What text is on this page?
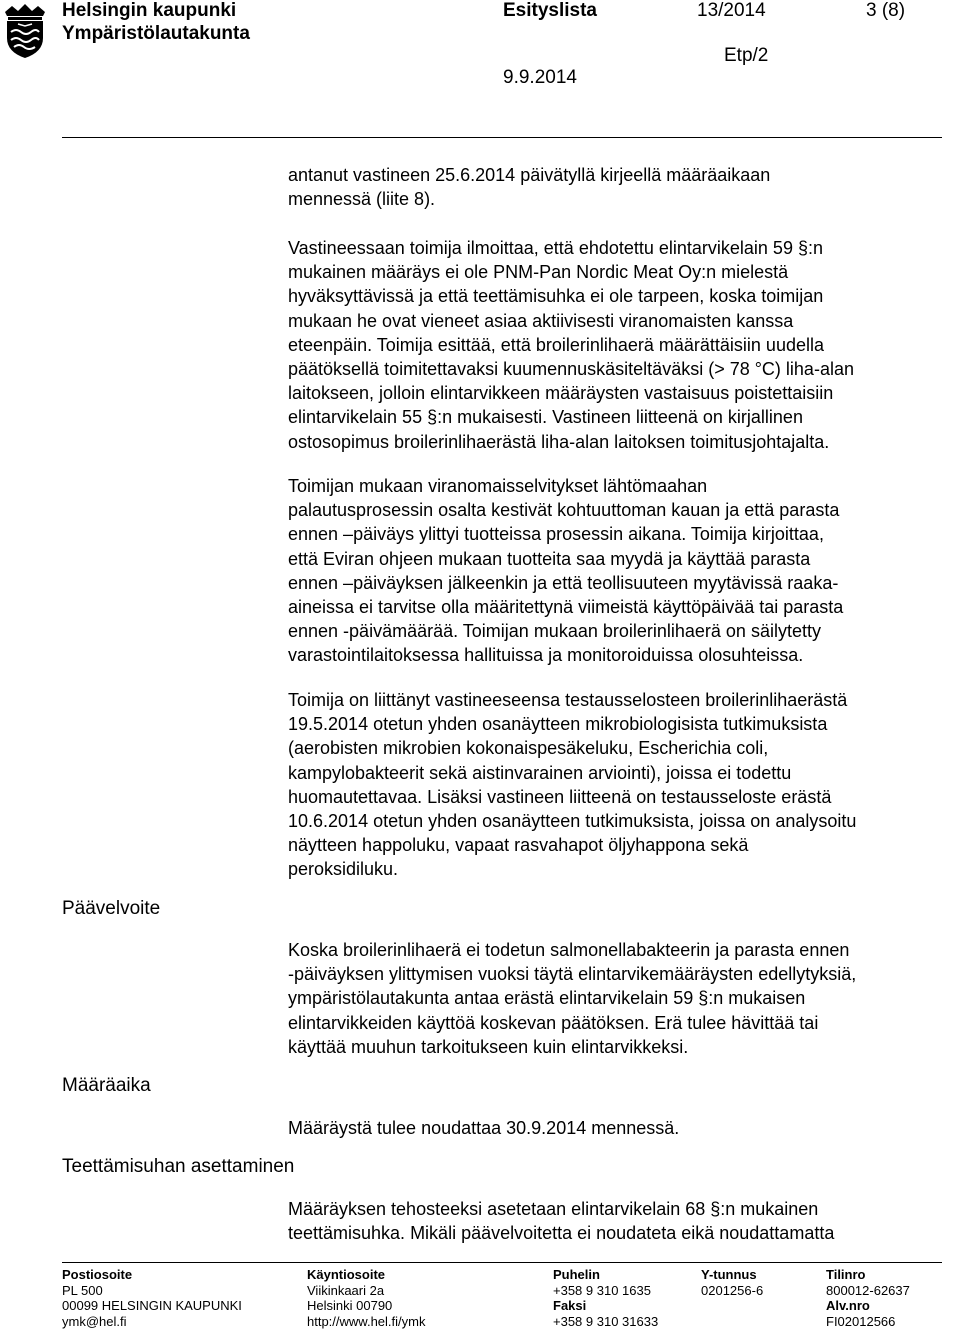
Helsingin kaupunki
Ympäristölautakunta
Esityslista	13/2014	3 (8)
Etp/2
9.9.2014
antanut vastineen 25.6.2014 päivätyllä kirjeellä määräaikaan
mennessä (liite 8).
Vastineessaan toimija ilmoittaa, että ehdotettu elintarvikelain 59 §:n
mukainen määräys ei ole PNM-Pan Nordic Meat Oy:n mielestä
hyväksyttävissä ja että teettämisuhka ei ole tarpeen, koska toimijan
mukaan he ovat vieneet asiaa aktiivisesti viranomaisten kanssa
eteenpäin. Toimija esittää, että broilerinlihaerä määrättäisiin uudella
päätöksellä toimitettavaksi kuumennuskäsiteltäväksi (> 78 °C) liha-alan
laitokseen, jolloin elintarvikkeen määräysten vastaisuus poistettaisiin
elintarvikelain 55 §:n mukaisesti. Vastineen liitteenä on kirjallinen
ostosopimus broilerinlihaerästä liha-alan laitoksen toimitusjohtajalta.
Toimijan mukaan viranomaisselvitykset lähtömaahan
palautusprosessin osalta kestivät kohtuuttoman kauan ja että parasta
ennen –päiväys ylittyi tuotteissa prosessin aikana. Toimija kirjoittaa,
että Eviran ohjeen mukaan tuotteita saa myydä ja käyttää parasta
ennen –päiväyksen jälkeenkin ja että teollisuuteen myytävissä raaka-
aineissa ei tarvitse olla määritettynä viimeistä käyttöpäivää tai parasta
ennen -päivämäärää. Toimijan mukaan broilerinlihaerä on säilytetty
varastointilaitoksessa hallituissa ja monitoroiduissa olosuhteissa.
Toimija on liittänyt vastineeseensa testausselosteen broilerinlihaerästä
19.5.2014 otetun yhden osanäytteen mikrobiologisista tutkimuksista
(aerobisten mikrobien kokonaispesäkeluku, Escherichia coli,
kampylobakteerit sekä aistinvarainen arviointi), joissa ei todettu
huomautettavaa. Lisäksi vastineen liitteenä on testausseloste erästä
10.6.2014 otetun yhden osanäytteen tutkimuksista, joissa on analysoitu
näytteen happoluku, vapaat rasvahapot öljyhappona sekä
peroksidiluku.
Koska broilerinlihaerä ei todetun salmonellabakteerin ja parasta ennen
-päiväyksen ylittymisen vuoksi täytä elintarvikemääräysten edellytyksiä,
ympäristölautakunta antaa erästä elintarvikelain 59 §:n mukaisen
elintarvikkeiden käyttöä koskevan päätöksen. Erä tulee hävittää tai
käyttää muuhun tarkoitukseen kuin elintarvikkeksi.
Määräystä tulee noudattaa 30.9.2014 mennessä.
Määräyksen tehosteeksi asetetaan elintarvikelain 68 §:n mukainen
teettämisuhka. Mikäli päävelvoitetta ei noudateta eikä noudattamatta
Päävelvoite
Määräaika
Teettämisuhan asettaminen
Postiosoite
PL 500
00099 HELSINGIN KAUPUNKI
ymk@hel.fi
Käyntiosoite
Viikinkaari 2a
Helsinki 00790
http://www.hel.fi/ymk
Puhelin
+358 9 310 1635
Faksi
+358 9 310 31633
Y-tunnus
0201256-6
Tilinro
800012-62637
Alv.nro
FI02012566
